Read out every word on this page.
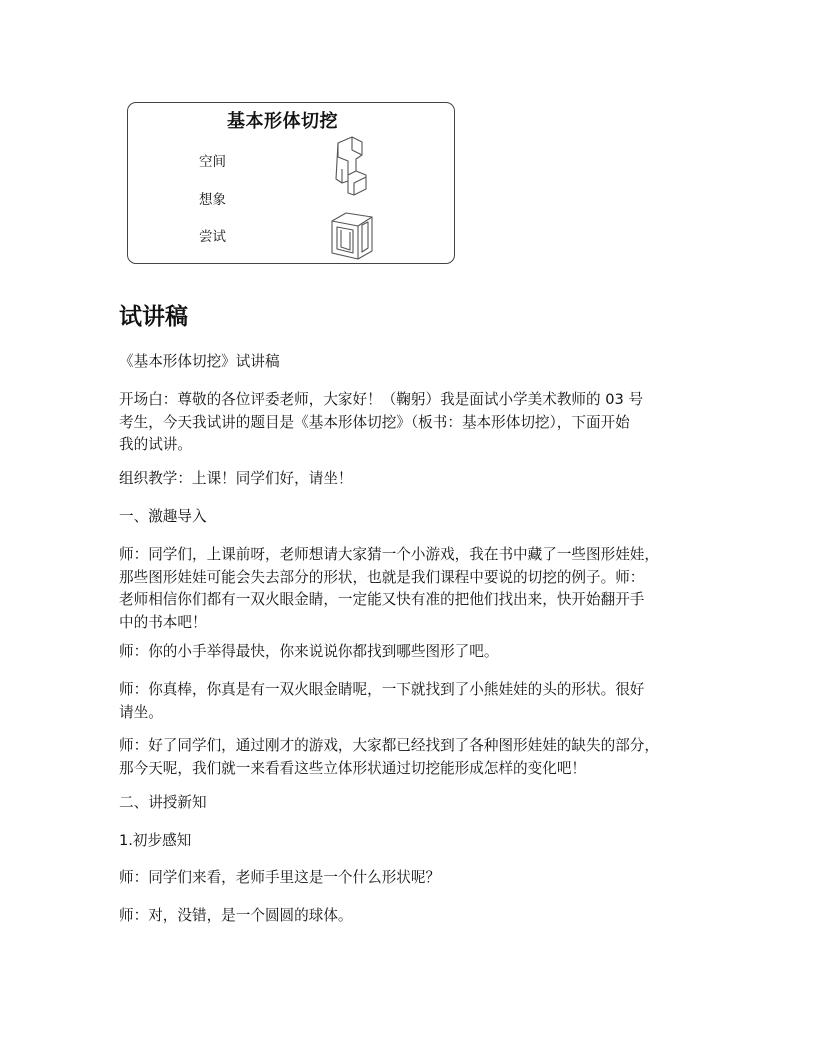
基本形体切挖
空间
想象
尝试
试讲稿

《基本形体切挖》试讲稿

开场白：尊敬的各位评委老师，大家好！（鞠躬）我是面试小学美术教师的 03 号
考生，今天我试讲的题目是《基本形体切挖》（板书：基本形体切挖），下面开始
我的试讲。

组织教学：上课！同学们好，请坐！

一、激趣导入

师：同学们，上课前呀，老师想请大家猜一个小游戏，我在书中藏了一些图形娃娃，
那些图形娃娃可能会失去部分的形状，也就是我们课程中要说的切挖的例子。师：
老师相信你们都有一双火眼金睛，一定能又快有准的把他们找出来，快开始翻开手
中的书本吧！

师：你的小手举得最快，你来说说你都找到哪些图形了吧。

师：你真棒，你真是有一双火眼金睛呢，一下就找到了小熊娃娃的头的形状。很好
请坐。

师：好了同学们，通过刚才的游戏，大家都已经找到了各种图形娃娃的缺失的部分，
那今天呢，我们就一来看看这些立体形状通过切挖能形成怎样的变化吧！

二、讲授新知

1.初步感知

师：同学们来看，老师手里这是一个什么形状呢？

师：对，没错，是一个圆圆的球体。
